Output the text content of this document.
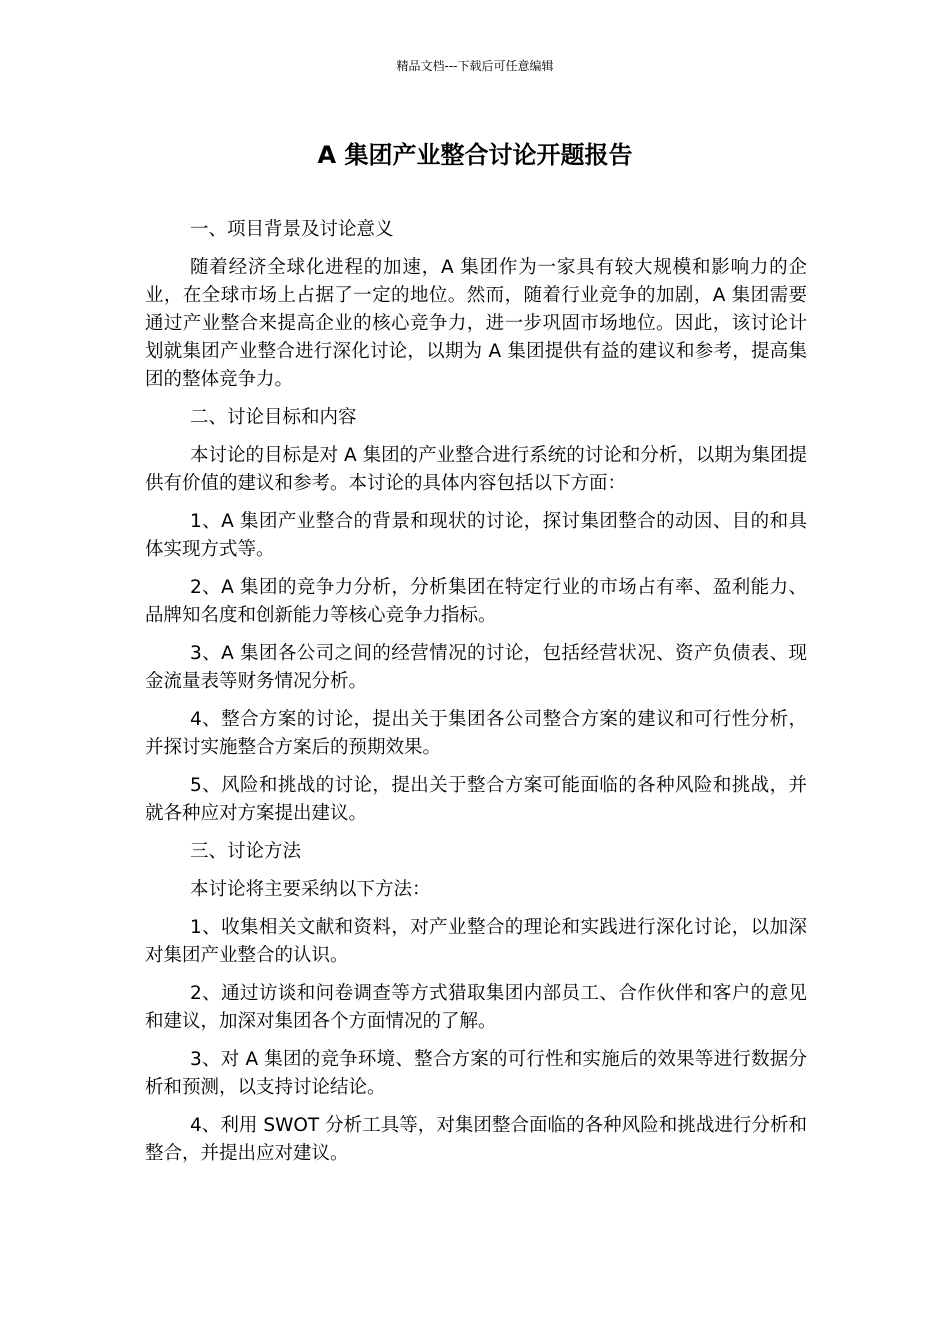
精品文档---下载后可任意编辑
A 集团产业整合讨论开题报告

一、项目背景及讨论意义

随着经济全球化进程的加速，A 集团作为一家具有较大规模和影响力的企业，在全球市场上占据了一定的地位。然而，随着行业竞争的加剧，A 集团需要通过产业整合来提高企业的核心竞争力，进一步巩固市场地位。因此，该讨论计划就集团产业整合进行深化讨论，以期为 A 集团提供有益的建议和参考，提高集团的整体竞争力。

二、讨论目标和内容

本讨论的目标是对 A 集团的产业整合进行系统的讨论和分析，以期为集团提供有价值的建议和参考。本讨论的具体内容包括以下方面：

1、A 集团产业整合的背景和现状的讨论，探讨集团整合的动因、目的和具体实现方式等。

2、A 集团的竞争力分析，分析集团在特定行业的市场占有率、盈利能力、品牌知名度和创新能力等核心竞争力指标。

3、A 集团各公司之间的经营情况的讨论，包括经营状况、资产负债表、现金流量表等财务情况分析。

4、整合方案的讨论，提出关于集团各公司整合方案的建议和可行性分析，并探讨实施整合方案后的预期效果。

5、风险和挑战的讨论，提出关于整合方案可能面临的各种风险和挑战，并就各种应对方案提出建议。

三、讨论方法

本讨论将主要采纳以下方法：

1、收集相关文献和资料，对产业整合的理论和实践进行深化讨论，以加深对集团产业整合的认识。

2、通过访谈和问卷调查等方式猎取集团内部员工、合作伙伴和客户的意见和建议，加深对集团各个方面情况的了解。

3、对 A 集团的竞争环境、整合方案的可行性和实施后的效果等进行数据分析和预测，以支持讨论结论。

4、利用 SWOT 分析工具等，对集团整合面临的各种风险和挑战进行分析和整合，并提出应对建议。
